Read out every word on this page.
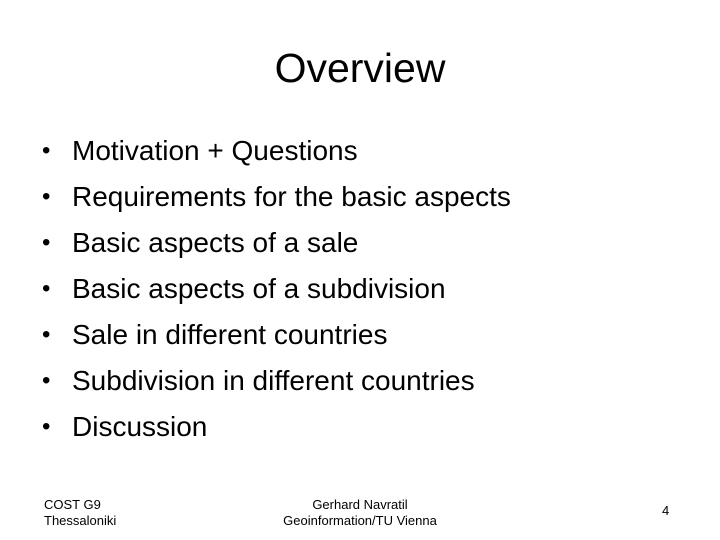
Overview
• Motivation + Questions
• Requirements for the basic aspects
• Basic aspects of a sale
• Basic aspects of a subdivision
• Sale in different countries
• Subdivision in different countries
• Discussion
COST G9
Thessaloniki
Gerhard Navratil
Geoinformation/TU Vienna
4
